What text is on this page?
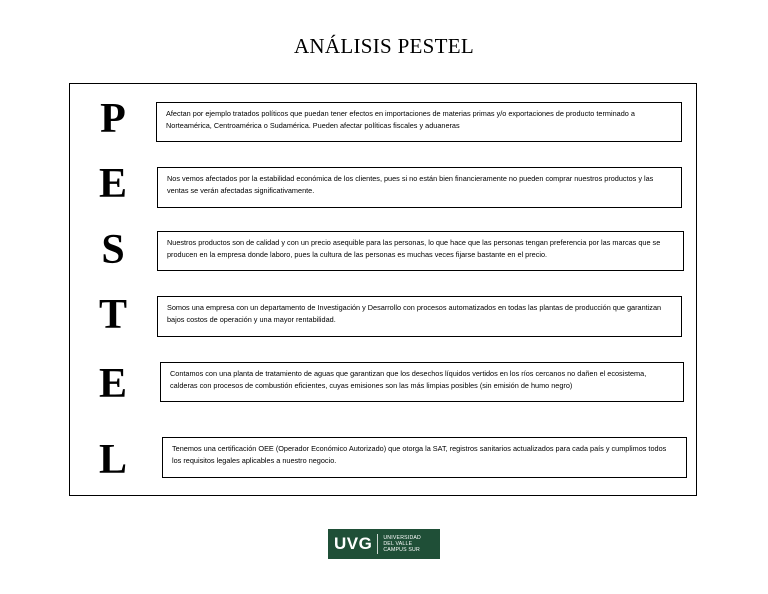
ANÁLISIS PESTEL
P	Afectan por ejemplo tratados políticos que puedan tener efectos en importaciones de materias primas y/o exportaciones de producto terminado a Norteamérica, Centroamérica o Sudamérica. Pueden afectar políticas fiscales y aduaneras
E	Nos vemos afectados por la estabilidad económica de los clientes, pues si no están bien financieramente no pueden comprar nuestros productos y las ventas se verán afectadas significativamente.
S	Nuestros productos son de calidad y con un precio asequible para las personas, lo que hace que las personas tengan preferencia por las marcas que se producen en la empresa donde laboro, pues la cultura de las personas es muchas veces fijarse bastante en el precio.
T	Somos una empresa con un departamento de Investigación y Desarrollo con procesos automatizados en todas las plantas de producción que garantizan bajos costos de operación y una mayor rentabilidad.
E	Contamos con una planta de tratamiento de aguas que garantizan que los desechos líquidos vertidos en los ríos cercanos no dañen el ecosistema, calderas con procesos de combustión eficientes, cuyas emisiones son las más limpias posibles (sin emisión de humo negro)
L	Tenemos una certificación OEE (Operador Económico Autorizado) que otorga la SAT, registros sanitarios actualizados para cada país y cumplimos todos los requisitos legales aplicables a nuestro negocio.
UVG UNIVERSIDAD
DEL VALLE
CAMPUS SUR
